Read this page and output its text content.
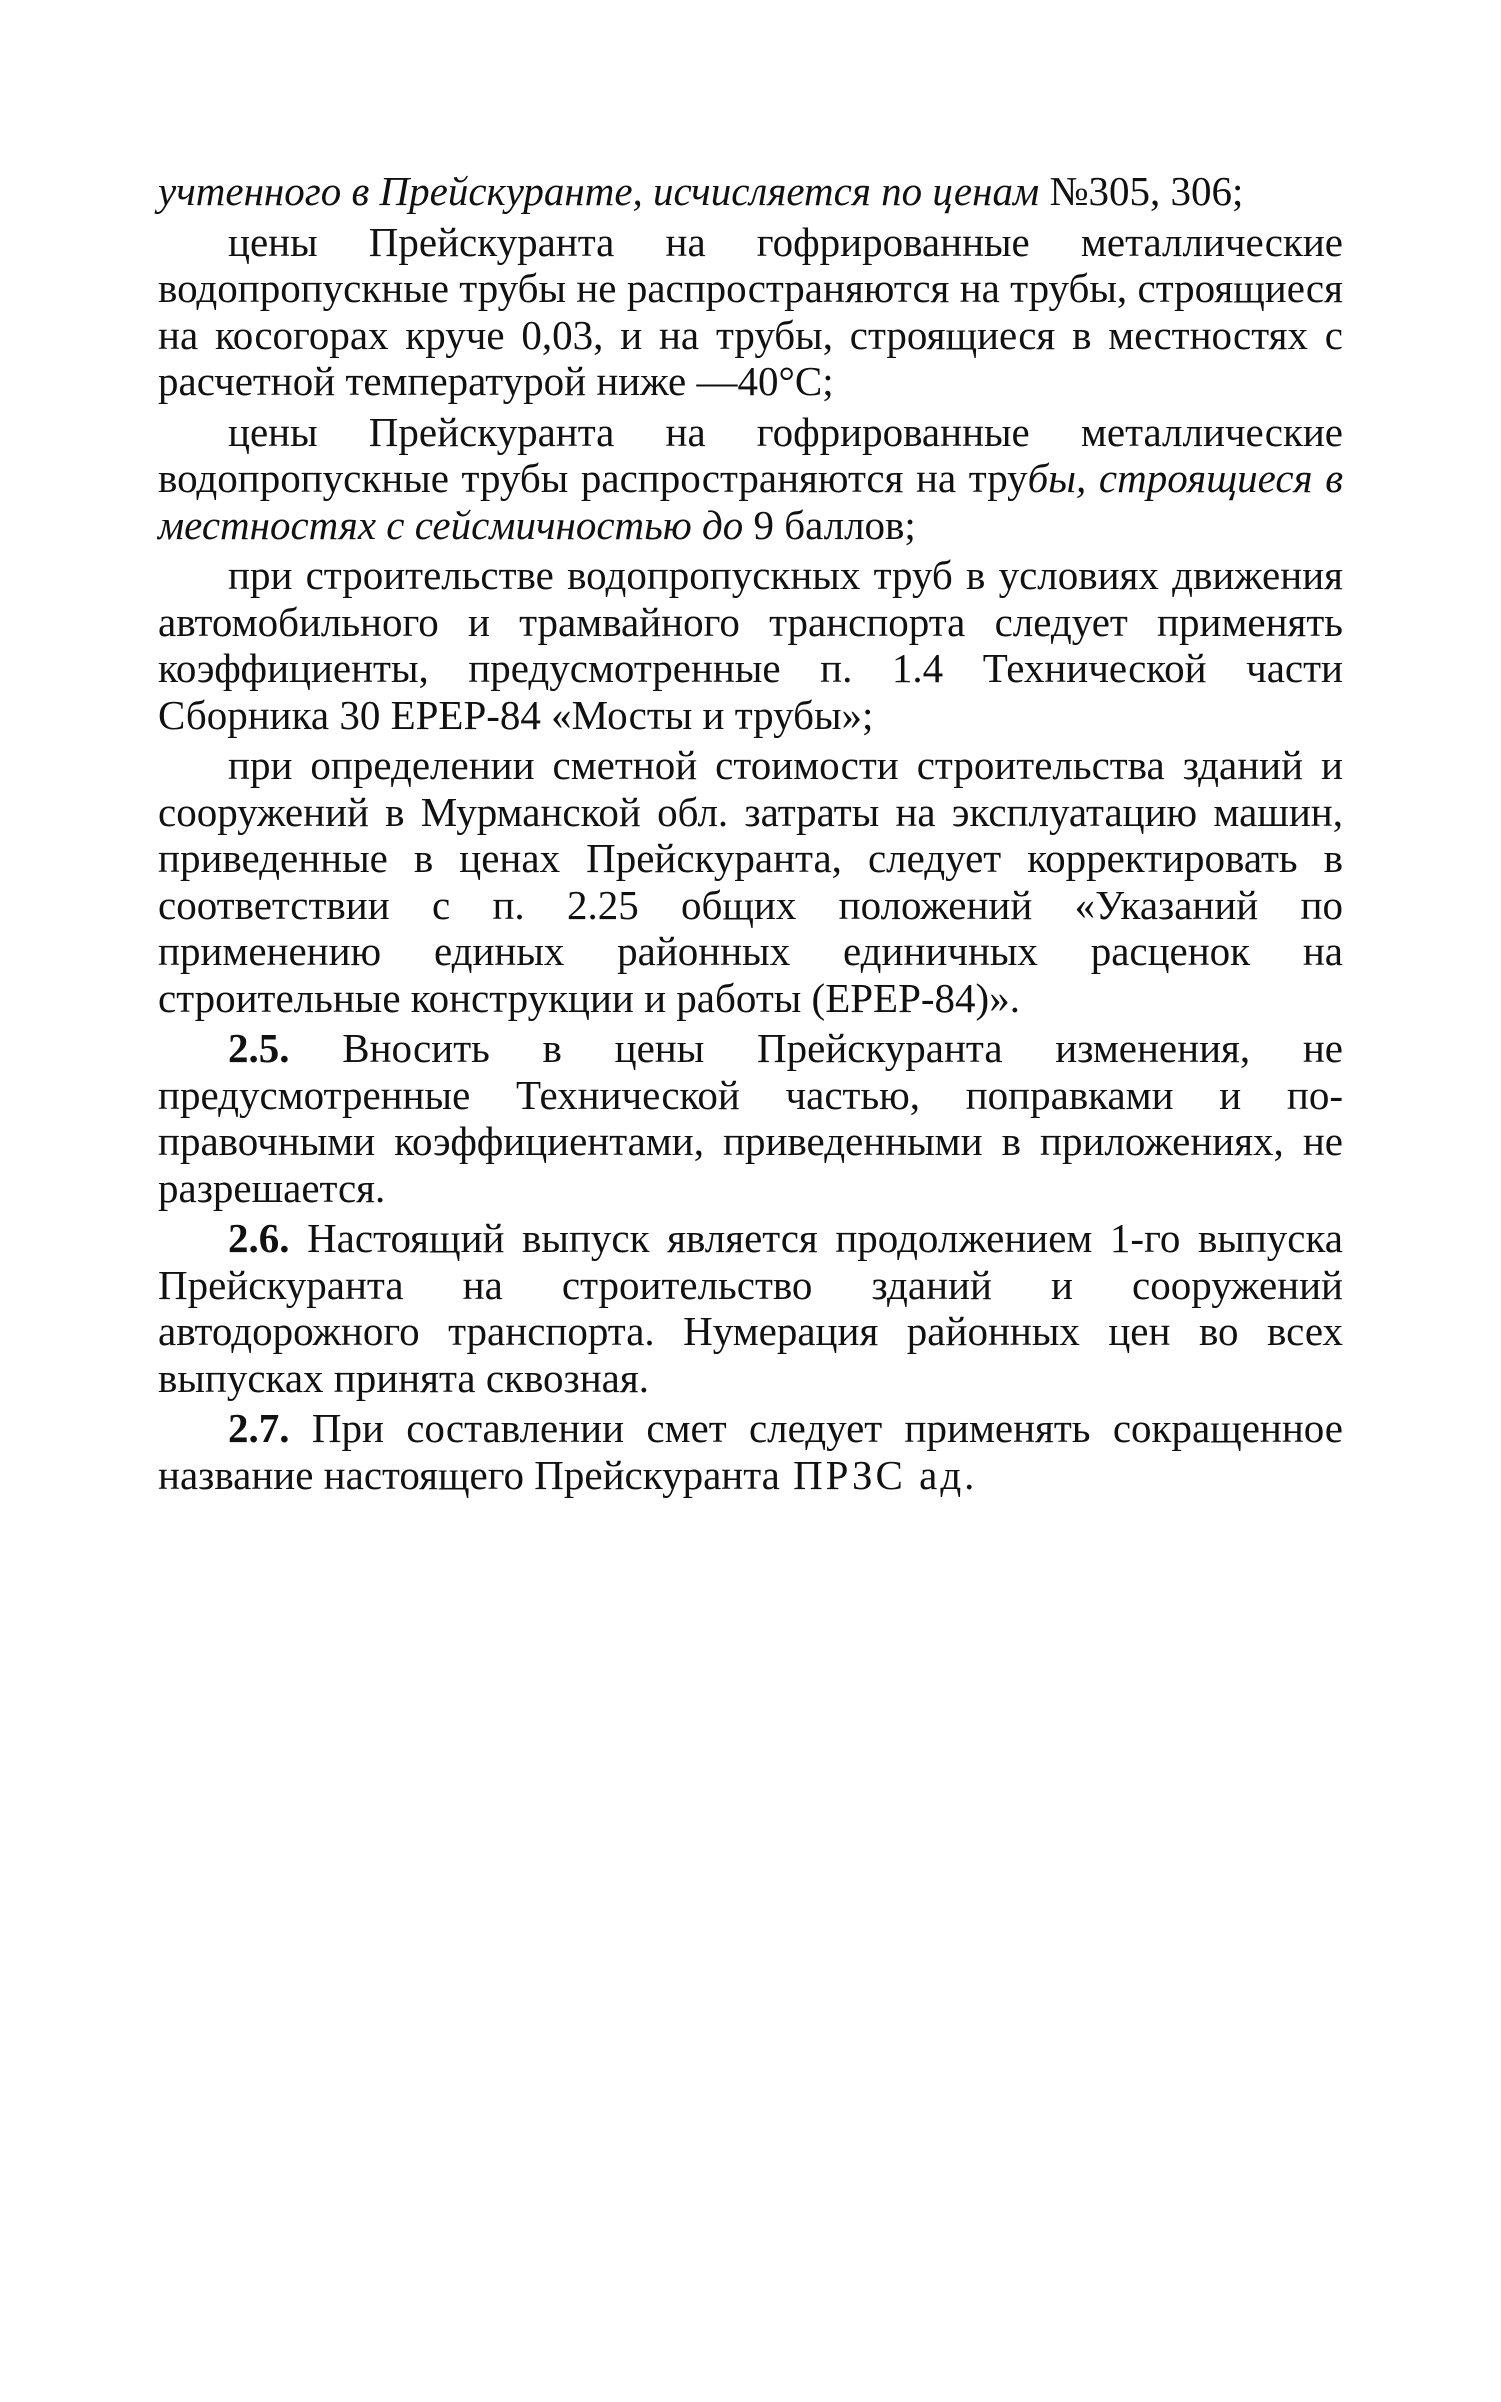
учтенного в Прейскуранте, исчисляется по ценам №305, 306;

цены Прейскуранта на гофрированные металлические водопропускные трубы не распространяются на трубы, строящиеся на косогорах круче 0,03, и на трубы, строящиеся в местностях с расчетной температурой ниже —40°С;

цены Прейскуранта на гофрированные металлические водопропускные трубы распространяются на трубы, строящиеся в местностях с сейсмичностью до 9 баллов;

при строительстве водопропускных труб в условиях движения автомобильного и трамвайного транспорта следует применять коэффициенты, предусмотренные п. 1.4 Технической части Сборника 30 ЕРЕР-84 «Мосты и трубы»;

при определении сметной стоимости строительства зданий и сооружений в Мурманской обл. затраты на эксплуатацию машин, приведенные в ценах Прейскуранта, следует корректировать в соответствии с п. 2.25 общих положений «Указаний по применению единых районных единичных расценок на строительные конструкции и работы (ЕРЕР-84)».

2.5. Вносить в цены Прейскуранта изменения, не предусмотренные Технической частью, поправками и поправочными коэффициентами, приведенными в приложениях, не разрешается.

2.6. Настоящий выпуск является продолжением 1-го выпуска Прейскуранта на строительство зданий и сооружений автодорожного транспорта. Нумерация районных цен во всех выпусках принята сквозная.

2.7. При составлении смет следует применять сокращенное название настоящего Прейскуранта ПРЗС ад.
